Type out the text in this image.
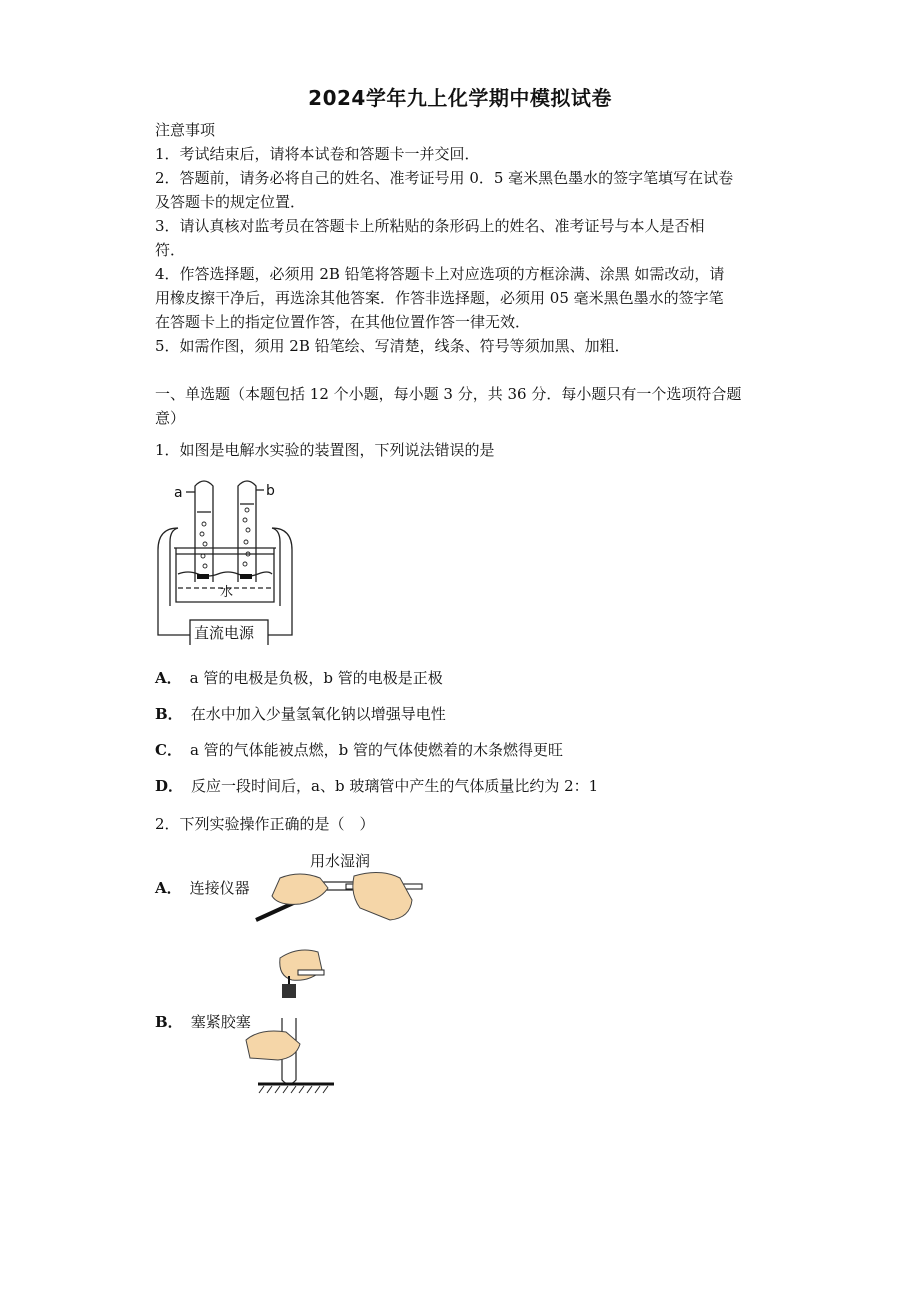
2024学年九上化学期中模拟试卷
注意事项
1．考试结束后，请将本试卷和答题卡一并交回．
2．答题前，请务必将自己的姓名、准考证号用 0．5 毫米黑色墨水的签字笔填写在试卷
及答题卡的规定位置．
3．请认真核对监考员在答题卡上所粘贴的条形码上的姓名、准考证号与本人是否相
符．
4．作答选择题，必须用 2B 铅笔将答题卡上对应选项的方框涂满、涂黑 如需改动，请
用橡皮擦干净后，再选涂其他答案．作答非选择题，必须用 05 毫米黑色墨水的签字笔
在答题卡上的指定位置作答，在其他位置作答一律无效．
5．如需作图，须用 2B 铅笔绘、写清楚，线条、符号等须加黑、加粗．
一、单选题（本题包括 12 个小题，每小题 3 分，共 36 分．每小题只有一个选项符合题
意）
1．如图是电解水实验的装置图，下列说法错误的是
a	b
水
直流电源
A． a 管的电极是负极，b 管的电极是正极
B． 在水中加入少量氢氧化钠以增强导电性
C． a 管的气体能被点燃，b 管的气体使燃着的木条燃得更旺
D． 反应一段时间后，a、b 玻璃管中产生的气体质量比约为 2：1
2．下列实验操作正确的是（　）
用水湿润
A． 连接仪器
B． 塞紧胶塞
